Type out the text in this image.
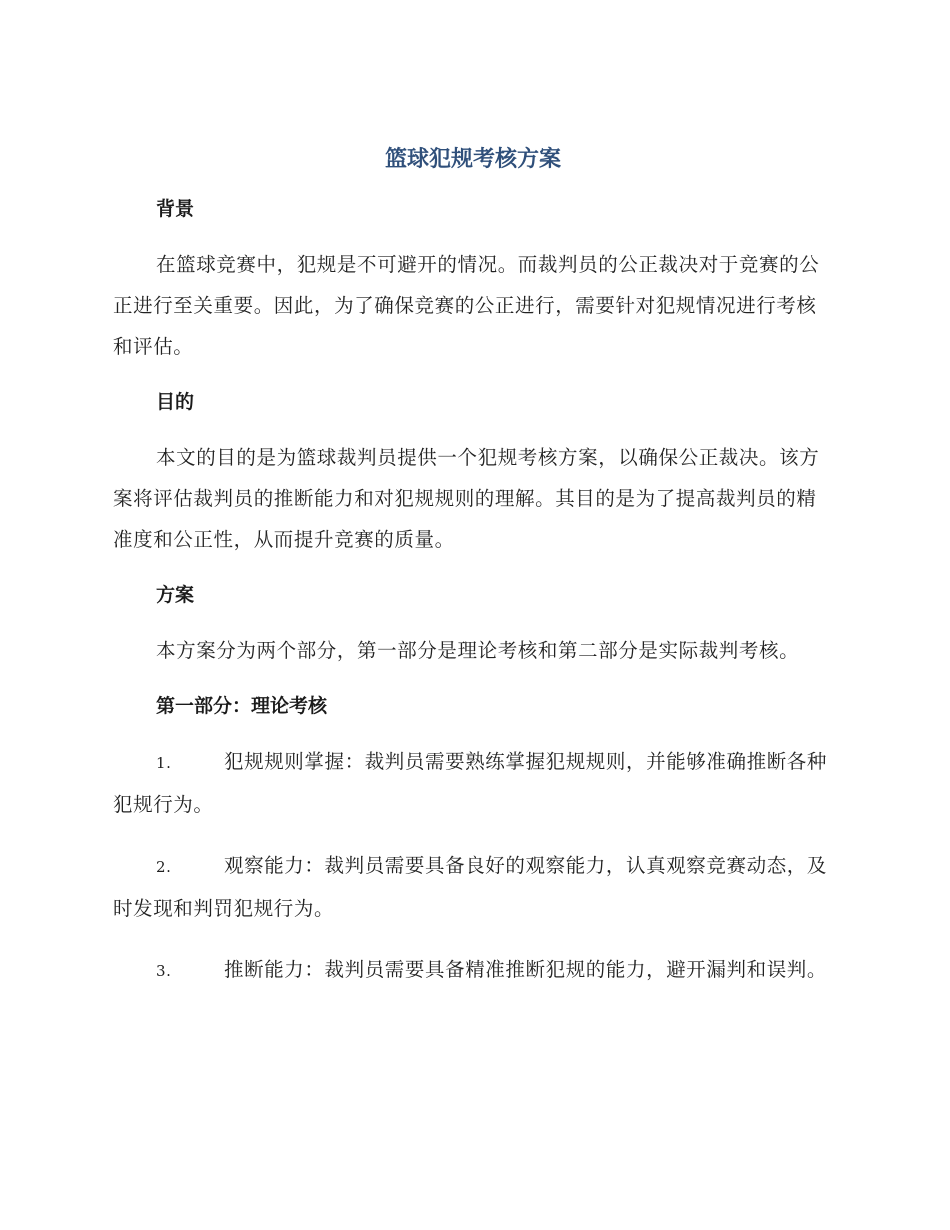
篮球犯规考核方案
背景

在篮球竞赛中，犯规是不可避开的情况。而裁判员的公正裁决对于竞赛的公正进行至关重要。因此，为了确保竞赛的公正进行，需要针对犯规情况进行考核和评估。

目的

本文的目的是为篮球裁判员提供一个犯规考核方案，以确保公正裁决。该方案将评估裁判员的推断能力和对犯规规则的理解。其目的是为了提高裁判员的精准度和公正性，从而提升竞赛的质量。

方案

本方案分为两个部分，第一部分是理论考核和第二部分是实际裁判考核。

第一部分：理论考核

1.	犯规规则掌握：裁判员需要熟练掌握犯规规则，并能够准确推断各种犯规行为。

2.	观察能力：裁判员需要具备良好的观察能力，认真观察竞赛动态，及时发现和判罚犯规行为。

3.	推断能力：裁判员需要具备精准推断犯规的能力，避开漏判和误判。
